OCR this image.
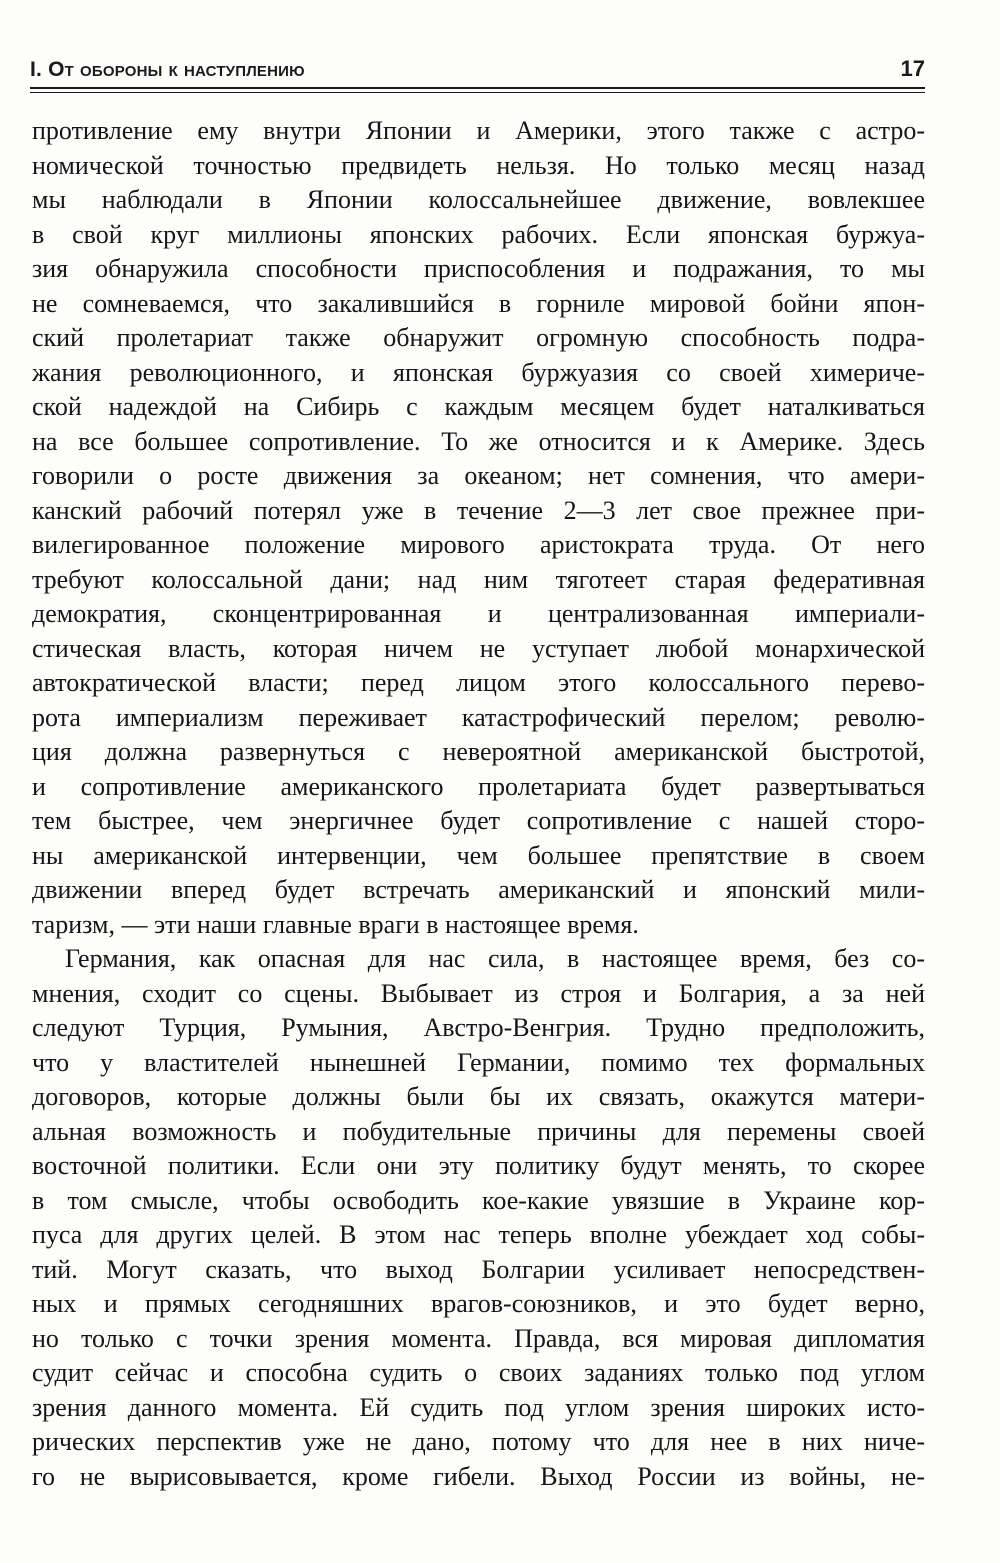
I. От обороны к наступлению	17

противление ему внутри Японии и Америки, этого также с астро-
номической точностью предвидеть нельзя. Но только месяц назад
мы наблюдали в Японии колоссальнейшее движение, вовлекшее
в свой круг миллионы японских рабочих. Если японская буржуа-
зия обнаружила способности приспособления и подражания, то мы
не сомневаемся, что закалившийся в горниле мировой бойни япон-
ский пролетариат также обнаружит огромную способность подра-
жания революционного, и японская буржуазия со своей химериче-
ской надеждой на Сибирь с каждым месяцем будет наталкиваться
на все большее сопротивление. То же относится и к Америке. Здесь
говорили о росте движения за океаном; нет сомнения, что амери-
канский рабочий потерял уже в течение 2—3 лет свое прежнее при-
вилегированное положение мирового аристократа труда. От него
требуют колоссальной дани; над ним тяготеет старая федеративная
демократия, сконцентрированная и централизованная империали-
стическая власть, которая ничем не уступает любой монархической
автократической власти; перед лицом этого колоссального перево-
рота империализм переживает катастрофический перелом; револю-
ция должна развернуться с невероятной американской быстротой,
и сопротивление американского пролетариата будет развертываться
тем быстрее, чем энергичнее будет сопротивление с нашей сторо-
ны американской интервенции, чем большее препятствие в своем
движении вперед будет встречать американский и японский мили-
таризм, — эти наши главные враги в настоящее время.

Германия, как опасная для нас сила, в настоящее время, без со-
мнения, сходит со сцены. Выбывает из строя и Болгария, а за ней
следуют Турция, Румыния, Австро-Венгрия. Трудно предположить,
что у властителей нынешней Германии, помимо тех формальных
договоров, которые должны были бы их связать, окажутся матери-
альная возможность и побудительные причины для перемены своей
восточной политики. Если они эту политику будут менять, то скорее
в том смысле, чтобы освободить кое-какие увязшие в Украине кор-
пуса для других целей. В этом нас теперь вполне убеждает ход собы-
тий. Могут сказать, что выход Болгарии усиливает непосредствен-
ных и прямых сегодняшних врагов-союзников, и это будет верно,
но только с точки зрения момента. Правда, вся мировая дипломатия
судит сейчас и способна судить о своих заданиях только под углом
зрения данного момента. Ей судить под углом зрения широких исто-
рических перспектив уже не дано, потому что для нее в них ниче-
го не вырисовывается, кроме гибели. Выход России из войны, не-
